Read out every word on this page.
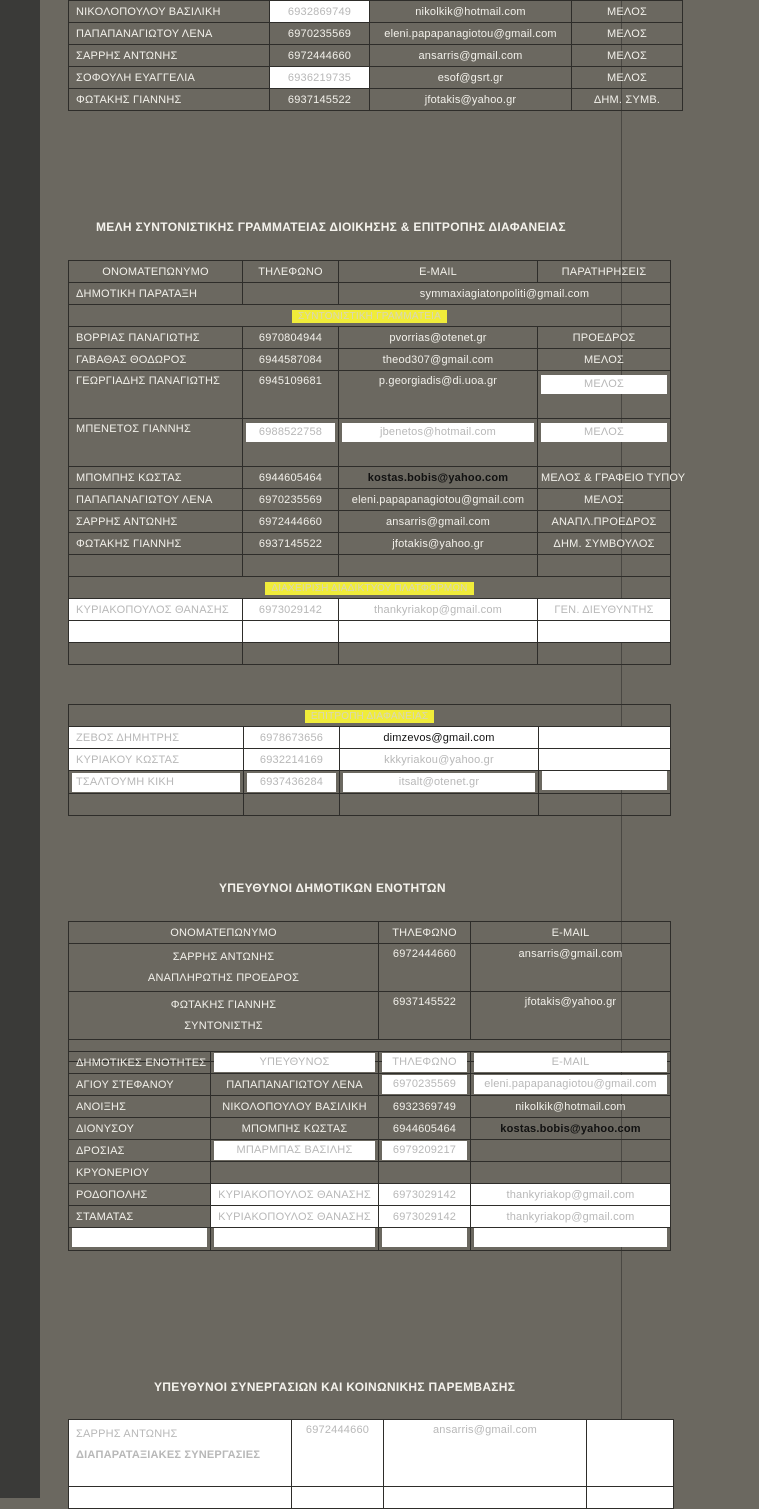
ΝΙΚΟΛΟΠΟΥΛΟΥ ΒΑΣΙΛΙΚΗ	6932869749	nikolkik@hotmail.com	ΜΕΛΟΣ
ΠΑΠΑΠΑΝΑΓΙΩΤΟΥ ΛΕΝΑ	6970235569	eleni.papapanagiotou@gmail.com	ΜΕΛΟΣ
ΣΑΡΡΗΣ ΑΝΤΩΝΗΣ	6972444660	ansarris@gmail.com	ΜΕΛΟΣ
ΣΟΦΟΥΛΗ ΕΥΑΓΓΕΛΙΑ	6936219735	esof@gsrt.gr	ΜΕΛΟΣ
ΦΩΤΑΚΗΣ ΓΙΑΝΝΗΣ	6937145522	jfotakis@yahoo.gr	ΔΗΜ. ΣΥΜΒ.
ΜΕΛΗ ΣΥΝΤΟΝΙΣΤΙΚΗΣ ΓΡΑΜΜΑΤΕΙΑΣ ΔΙΟΙΚΗΣΗΣ & ΕΠΙΤΡΟΠΗΣ ΔΙΑΦΑΝΕΙΑΣ
ΟΝΟΜΑΤΕΠΩΝΥΜΟ	ΤΗΛΕΦΩΝΟ	E-MAIL	ΠΑΡΑΤΗΡΗΣΕΙΣ
ΔΗΜΟΤΙΚΗ ΠΑΡΑΤΑΞΗ		symmaxiagiatonpoliti@gmail.com	
ΣΥΝΤΟΝΙΣΤΙΚΗ ΓΡΑΜΜΑΤΕΙΑ			
ΒΟΡΡΙΑΣ ΠΑΝΑΓΙΩΤΗΣ	6970804944	pvorrias@otenet.gr	ΠΡΟΕΔΡΟΣ
ΓΑΒΑΘΑΣ ΘΟΔΩΡΟΣ	6944587084	theod307@gmail.com	ΜΕΛΟΣ
ΓΕΩΡΓΙΑΔΗΣ ΠΑΝΑΓΙΩΤΗΣ	6945109681	p.georgiadis@di.uoa.gr	ΜΕΛΟΣ
ΜΠΕΝΕΤΟΣ ΓΙΑΝΝΗΣ	6988522758	jbenetos@hotmail.com	ΜΕΛΟΣ
ΜΠΟΜΠΗΣ ΚΩΣΤΑΣ	6944605464	kostas.bobis@yahoo.com	ΜΕΛΟΣ & ΓΡΑΦΕΙΟ ΤΥΠΟΥ
ΠΑΠΑΠΑΝΑΓΙΩΤΟΥ ΛΕΝΑ	6970235569	eleni.papapanagiotou@gmail.com	ΜΕΛΟΣ
ΣΑΡΡΗΣ ΑΝΤΩΝΗΣ	6972444660	ansarris@gmail.com	ΑΝΑΠΛ.ΠΡΟΕΔΡΟΣ
ΦΩΤΑΚΗΣ ΓΙΑΝΝΗΣ	6937145522	jfotakis@yahoo.gr	ΔΗΜ. ΣΥΜΒΟΥΛΟΣ

ΔΙΑΧΕΙΡΙΣΗ ΔΙΑΔΙΚΤΥΟΥ ΠΛΑΤΦΟΡΜΩΝ			
ΚΥΡΙΑΚΟΠΟΥΛΟΣ ΘΑΝΑΣΗΣ	6973029142	thankyriakop@gmail.com	ΓΕΝ. ΔΙΕΥΘΥΝΤΗΣ

ΕΠΙΤΡΟΠΗ ΔΙΑΦΑΝΕΙΑΣ			
ΖΕΒΟΣ ΔΗΜΗΤΡΗΣ	6978673656	dimzevos@gmail.com	
ΚΥΡΙΑΚΟΥ ΚΩΣΤΑΣ	6932214169	kkkyriakou@yahoo.gr	
ΤΣΑΛΤΟΥΜΗ ΚΙΚΗ	6937436284	itsalt@otenet.gr	

ΥΠΕΥΘΥΝΟΙ ΔΗΜΟΤΙΚΩΝ ΕΝΟΤΗΤΩΝ
ΟΝΟΜΑΤΕΠΩΝΥΜΟ	ΤΗΛΕΦΩΝΟ	E-MAIL

ΣΑΡΡΗΣ ΑΝΤΩΝΗΣ
ΑΝΑΠΛΗΡΩΤΗΣ ΠΡΟΕΔΡΟΣ	6972444660	ansarris@gmail.com

ΦΩΤΑΚΗΣ ΓΙΑΝΝΗΣ
ΣΥΝΤΟΝΙΣΤΗΣ	6937145522	jfotakis@yahoo.gr

ΔΗΜΟΤΙΚΕΣ ΕΝΟΤΗΤΕΣ	ΥΠΕΥΘΥΝΟΣ	ΤΗΛΕΦΩΝΟ	E-MAIL
ΑΓΙΟΥ ΣΤΕΦΑΝΟΥ	ΠΑΠΑΠΑΝΑΓΙΩΤΟΥ ΛΕΝΑ	6970235569	eleni.papapanagiotou@gmail.com
ΑΝΟΙΞΗΣ	ΝΙΚΟΛΟΠΟΥΛΟΥ ΒΑΣΙΛΙΚΗ	6932369749	nikolkik@hotmail.com
ΔΙΟΝΥΣΟΥ	ΜΠΟΜΠΗΣ ΚΩΣΤΑΣ	6944605464	kostas.bobis@yahoo.com
ΔΡΟΣΙΑΣ	ΜΠΑΡΜΠΑΣ ΒΑΣΙΛΗΣ	6979209217	
ΚΡΥΟΝΕΡΙΟΥ			
ΡΟΔΟΠΟΛΗΣ	ΚΥΡΙΑΚΟΠΟΥΛΟΣ ΘΑΝΑΣΗΣ	6973029142	thankyriakop@gmail.com
ΣΤΑΜΑΤΑΣ	ΚΥΡΙΑΚΟΠΟΥΛΟΣ ΘΑΝΑΣΗΣ	6973029142	thankyriakop@gmail.com

ΥΠΕΥΘΥΝΟΙ ΣΥΝΕΡΓΑΣΙΩΝ ΚΑΙ ΚΟΙΝΩΝΙΚΗΣ ΠΑΡΕΜΒΑΣΗΣ
ΣΑΡΡΗΣ ΑΝΤΩΝΗΣ
ΔΙΑΠΑΡΑΤΑΞΙΑΚΕΣ ΣΥΝΕΡΓΑΣΙΕΣ	6972444660	ansarris@gmail.com	
